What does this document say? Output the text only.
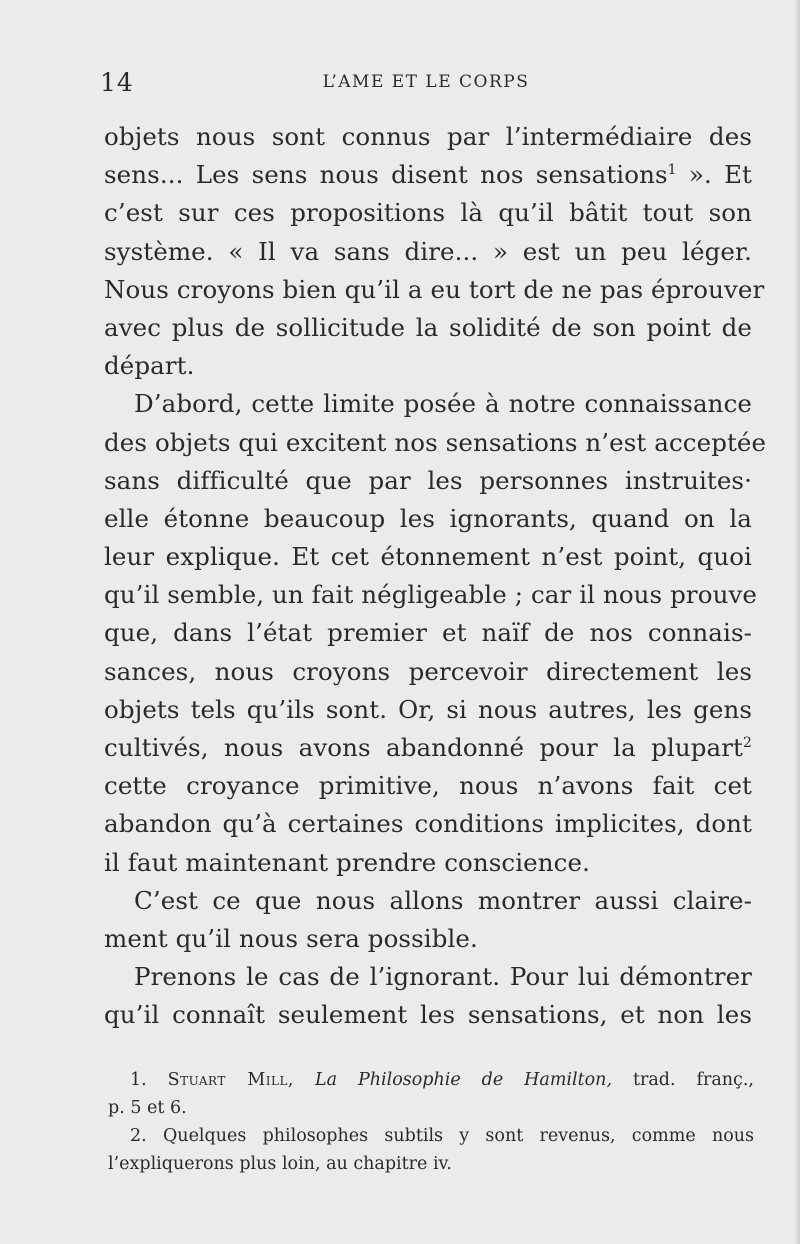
14	L’AME ET LE CORPS
objets nous sont connus par l’intermédiaire des
sens... Les sens nous disent nos sensations$^1$ ». Et
c’est sur ces propositions là qu’il bâtit tout son
système. « Il va sans dire... » est un peu léger.
Nous croyons bien qu’il a eu tort de ne pas éprouver
avec plus de sollicitude la solidité de son point de
départ.
D’abord, cette limite posée à notre connaissance
des objets qui excitent nos sensations n’est acceptée
sans difficulté que par les personnes instruites·
elle étonne beaucoup les ignorants, quand on la
leur explique. Et cet étonnement n’est point, quoi
qu’il semble, un fait négligeable ; car il nous prouve
que, dans l’état premier et naïf de nos connais-
sances, nous croyons percevoir directement les
objets tels qu’ils sont. Or, si nous autres, les gens
cultivés, nous avons abandonné pour la plupart$^2$
cette croyance primitive, nous n’avons fait cet
abandon qu’à certaines conditions implicites, dont
il faut maintenant prendre conscience.
C’est ce que nous allons montrer aussi claire-
ment qu’il nous sera possible.
Prenons le cas de l’ignorant. Pour lui démontrer
qu’il connaît seulement les sensations, et non les
1. Stuart Mill, La Philosophie de Hamilton, trad. franç.,
p. 5 et 6.
2. Quelques philosophes subtils y sont revenus, comme nous
l’expliquerons plus loin, au chapitre iv.
